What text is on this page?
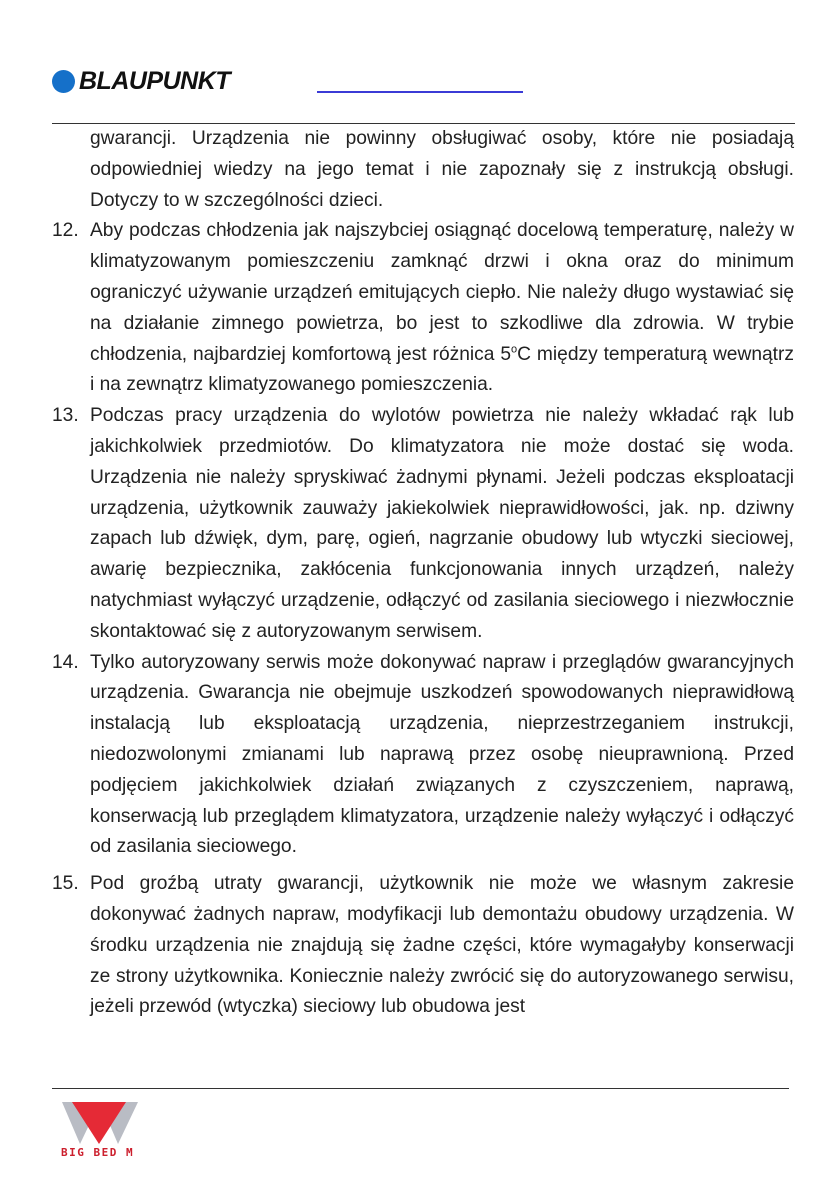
BLAUPUNKT

gwarancji. Urządzenia nie powinny obsługiwać osoby, które nie posiadają odpowiedniej wiedzy na jego temat i nie zapoznały się z instrukcją obsługi. Dotyczy to w szczególności dzieci.

12. Aby podczas chłodzenia jak najszybciej osiągnąć docelową temperaturę, należy w klimatyzowanym pomieszczeniu zamknąć drzwi i okna oraz do minimum ograniczyć używanie urządzeń emitujących ciepło. Nie należy długo wystawiać się na działanie zimnego powietrza, bo jest to szkodliwe dla zdrowia. W trybie chłodzenia, najbardziej komfortową jest różnica 5$^o$C między temperaturą wewnątrz i na zewnątrz klimatyzowanego pomieszczenia.
13. Podczas pracy urządzenia do wylotów powietrza nie należy wkładać rąk lub jakichkolwiek przedmiotów. Do klimatyzatora nie może dostać się woda. Urządzenia nie należy spryskiwać żadnymi płynami. Jeżeli podczas eksploatacji urządzenia, użytkownik zauważy jakiekolwiek nieprawidłowości, jak. np. dziwny zapach lub dźwięk, dym, parę, ogień, nagrzanie obudowy lub wtyczki sieciowej, awarię bezpiecznika, zakłócenia funkcjonowania innych urządzeń, należy natychmiast wyłączyć urządzenie, odłączyć od zasilania sieciowego i niezwłocznie skontaktować się z autoryzowanym serwisem.
14. Tylko autoryzowany serwis może dokonywać napraw i przeglądów gwarancyjnych urządzenia. Gwarancja nie obejmuje uszkodzeń spowodowanych nieprawidłową instalacją lub eksploatacją urządzenia, nieprzestrzeganiem instrukcji, niedozwolonymi zmianami lub naprawą przez osobę nieuprawnioną. Przed podjęciem jakichkolwiek działań związanych z czyszczeniem, naprawą, konserwacją lub przeglądem klimatyzatora, urządzenie należy wyłączyć i odłączyć od zasilania sieciowego.
15. Pod groźbą utraty gwarancji, użytkownik nie może we własnym zakresie dokonywać żadnych napraw, modyfikacji lub demontażu obudowy urządzenia. W środku urządzenia nie znajdują się żadne części, które wymagałyby konserwacji ze strony użytkownika. Koniecznie należy zwrócić się do autoryzowanego serwisu, jeżeli przewód (wtyczka) sieciowy lub obudowa jest
BIG BED M
